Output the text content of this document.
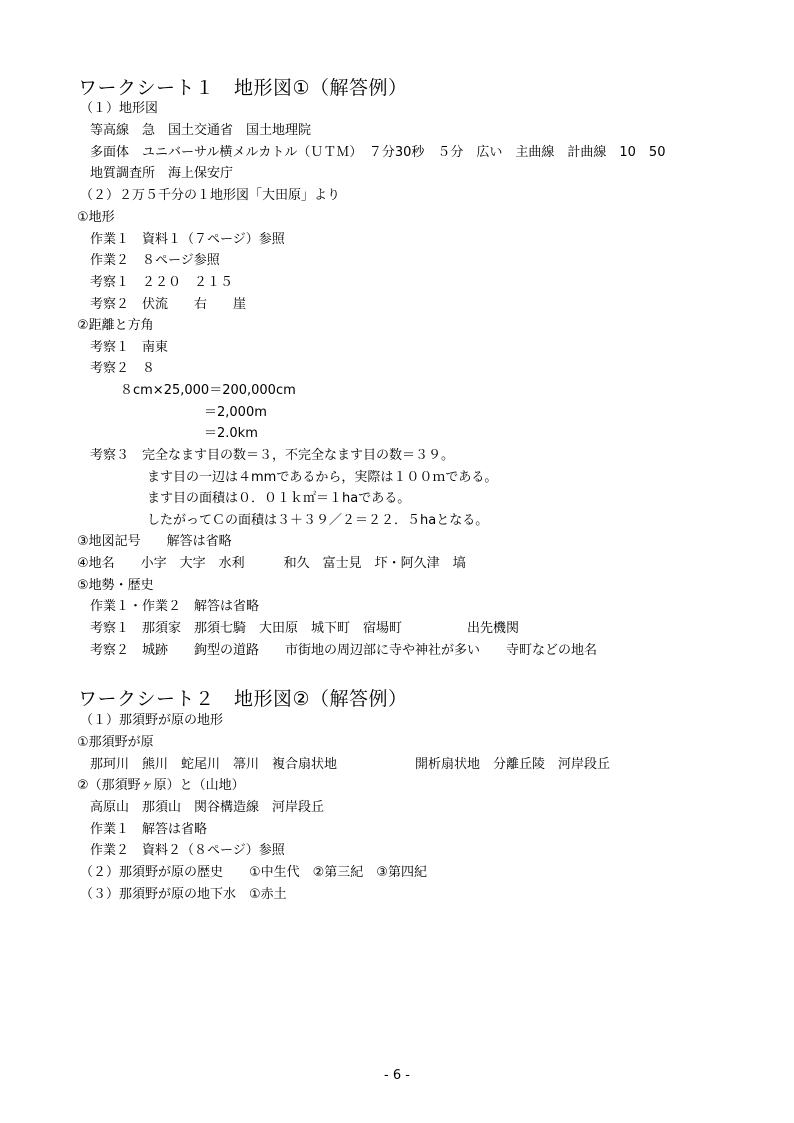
ワークシート１　地形図①（解答例）
（１）地形図
等高線　急　国土交通省　国土地理院
多面体　ユニバーサル横メルカトル（ＵＴＭ）　７分30秒　５分　広い　主曲線　計曲線　10　50
地質調査所　海上保安庁
（２）２万５千分の１地形図「大田原」より
①地形
作業１　資料１（７ページ）参照
作業２　８ページ参照
考察１　２２０　２１５
考察２　伏流　　右　　崖
②距離と方角
考察１　南東
考察２　８
８cm×25,000＝200,000cm
＝2,000m
＝2.0km
考察３　完全なます目の数＝３，不完全なます目の数＝３９。
ます目の一辺は４mmであるから，実際は１００ｍである。
ます目の面積は０．０１ｋ㎡＝１haである。
したがってＣの面積は３＋３９／２＝２２．５haとなる。
③地図記号　　解答は省略
④地名　　小字　大字　水利　　　和久　富士見　圷・阿久津　塙
⑤地勢・歴史
作業１・作業２　解答は省略
考察１　那須家　那須七騎　大田原　城下町　宿場町　　　　　出先機関
考察２　城跡　　鉤型の道路　　市街地の周辺部に寺や神社が多い　　寺町などの地名
ワークシート２　地形図②（解答例）
（１）那須野が原の地形
①那須野が原
那珂川　熊川　蛇尾川　箒川　複合扇状地　　　　　　開析扇状地　分離丘陵　河岸段丘
②（那須野ヶ原）と（山地）
高原山　那須山　関谷構造線　河岸段丘
作業１　解答は省略
作業２　資料２（８ページ）参照
（２）那須野が原の歴史　　①中生代　②第三紀　③第四紀
（３）那須野が原の地下水　①赤土
- 6 -
